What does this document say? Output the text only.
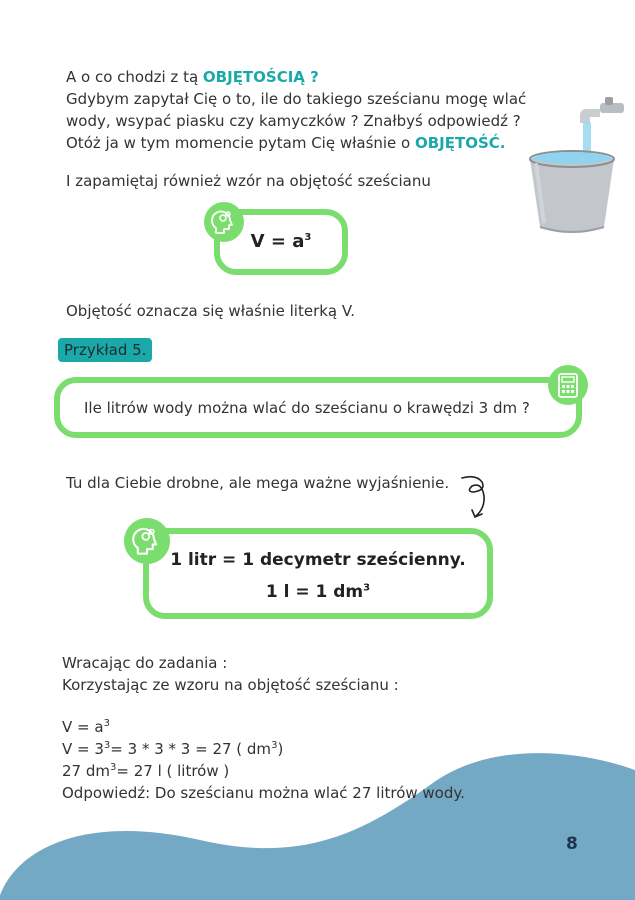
A o co chodzi z tą OBJĘTOŚCIĄ ?
Gdybym zapytał Cię o to, ile do takiego sześcianu mogę wlać
wody, wsypać piasku czy kamyczków ? Znałbyś odpowiedź ?
Otóż ja w tym momencie pytam Cię właśnie o OBJĘTOŚĆ.
I zapamiętaj również wzór na objętość sześcianu
$V = a^3$
Objętość oznacza się właśnie literką V.
Przykład 5.
Ile litrów wody można wlać do sześcianu o krawędzi 3 dm ?
Tu dla Ciebie drobne, ale mega ważne wyjaśnienie.
1 litr = 1 decymetr sześcienny.
1 l = 1 $dm^3$
Wracając do zadania :
Korzystając ze wzoru na objętość sześcianu :
$V = a^3$
$V = 3^3= 3 * 3 * 3 = 27$ ( $dm^3$)
27 $dm^3= 27$ l ( litrów )
Odpowiedź: Do sześcianu można wlać 27 litrów wody.
8
